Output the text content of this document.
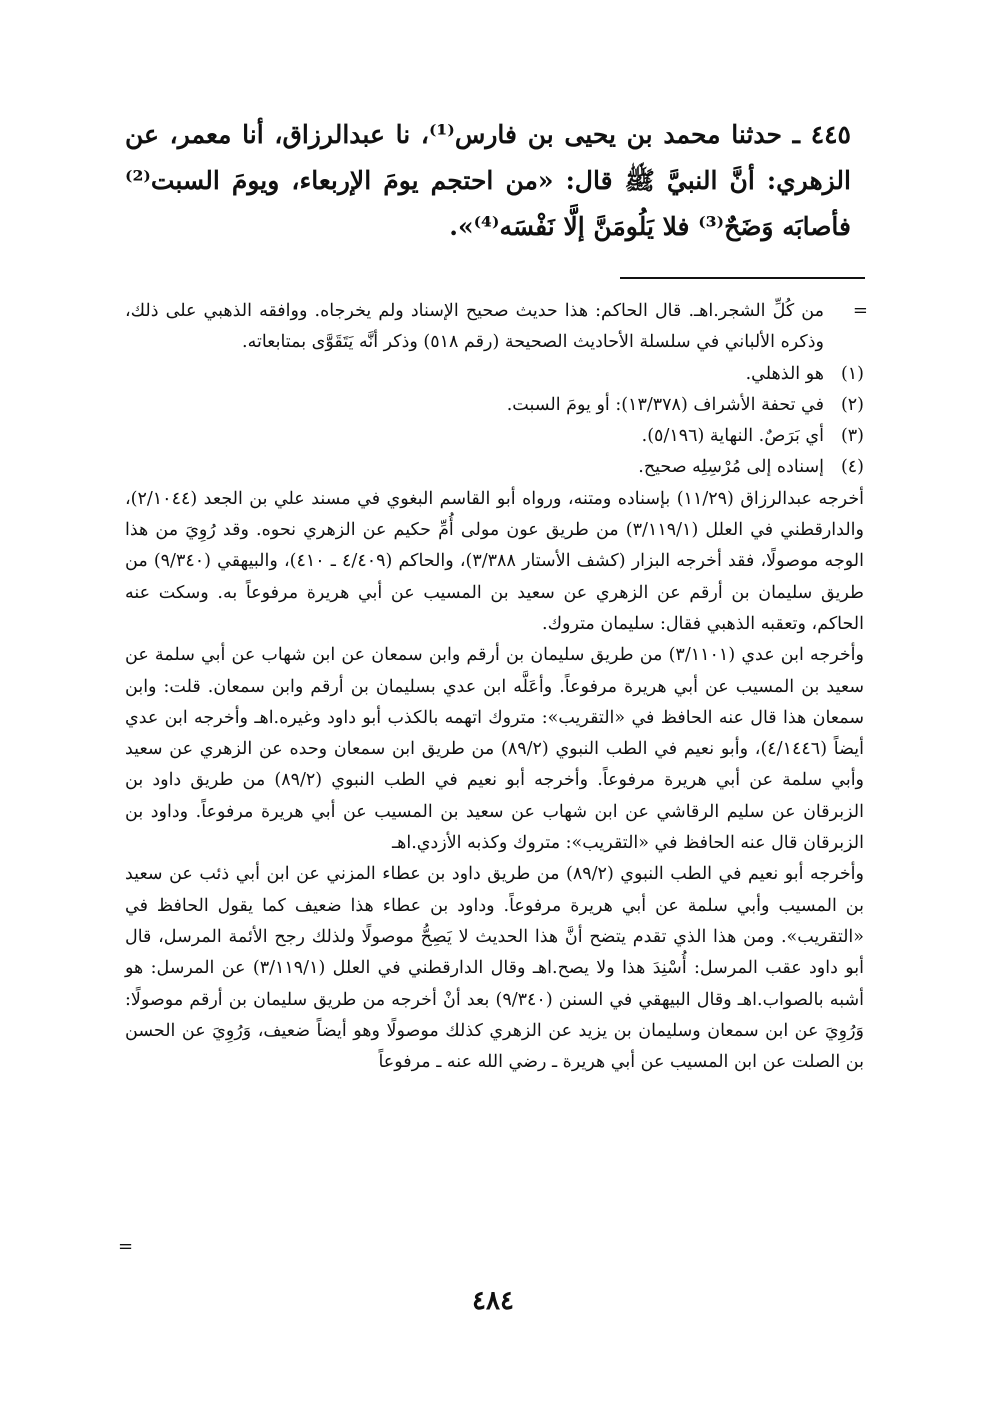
٤٤٥ ـ حدثنا محمد بن يحيى بن فارس⁽¹⁾، نا عبدالرزاق، أنا معمر، عن الزهري: أنَّ النبيَّ ﷺ قال: «من احتجم يومَ الإربعاء، ويومَ السبت⁽²⁾ فأصابَه وَضَحٌ⁽³⁾ فلا يَلُومَنَّ إلَّا نَفْسَه⁽⁴⁾».
=
من كُلِّ الشجر.اهـ. قال الحاكم: هذا حديث صحيح الإسناد ولم يخرجاه. ووافقه الذهبي على ذلك، وذكره الألباني في سلسلة الأحاديث الصحيحة (رقم ٥١٨) وذكر أنَّه يَتَقَوَّى بمتابعاته.
(١)
هو الذهلي.
(٢)
في تحفة الأشراف (١٣/٣٧٨): أو يومَ السبت.
(٣)
أي بَرَصٌ. النهاية (٥/١٩٦).
(٤)
إسناده إلى مُرْسِلِه صحيح.

أخرجه عبدالرزاق (١١/٢٩) بإسناده ومتنه، ورواه أبو القاسم البغوي في مسند علي بن الجعد (٢/١٠٤٤)، والدارقطني في العلل (٣/١١٩/١) من طريق عون مولى أُمِّ حكيم عن الزهري نحوه. وقد رُوِيَ من هذا الوجه موصولًا، فقد أخرجه البزار (كشف الأستار ٣/٣٨٨)، والحاكم (٤/٤٠٩ ـ ٤١٠)، والبيهقي (٩/٣٤٠) من طريق سليمان بن أرقم عن الزهري عن سعيد بن المسيب عن أبي هريرة مرفوعاً به. وسكت عنه الحاكم، وتعقبه الذهبي فقال: سليمان متروك.

وأخرجه ابن عدي (٣/١١٠١) من طريق سليمان بن أرقم وابن سمعان عن ابن شهاب عن أبي سلمة عن سعيد بن المسيب عن أبي هريرة مرفوعاً. وأعَلَّه ابن عدي بسليمان بن أرقم وابن سمعان. قلت: وابن سمعان هذا قال عنه الحافظ في «التقريب»: متروك اتهمه بالكذب أبو داود وغيره.اهـ وأخرجه ابن عدي أيضاً (٤/١٤٤٦)، وأبو نعيم في الطب النبوي (٨٩/٢) من طريق ابن سمعان وحده عن الزهري عن سعيد وأبي سلمة عن أبي هريرة مرفوعاً. وأخرجه أبو نعيم في الطب النبوي (٨٩/٢) من طريق داود بن الزبرقان عن سليم الرقاشي عن ابن شهاب عن سعيد بن المسيب عن أبي هريرة مرفوعاً. وداود بن الزبرقان قال عنه الحافظ في «التقريب»: متروك وكذبه الأزدي.اهـ

وأخرجه أبو نعيم في الطب النبوي (٨٩/٢) من طريق داود بن عطاء المزني عن ابن أبي ذئب عن سعيد بن المسيب وأبي سلمة عن أبي هريرة مرفوعاً. وداود بن عطاء هذا ضعيف كما يقول الحافظ في «التقريب». ومن هذا الذي تقدم يتضح أنَّ هذا الحديث لا يَصِحُّ موصولًا ولذلك رجح الأئمة المرسل، قال أبو داود عقب المرسل: أُسْنِدَ هذا ولا يصح.اهـ وقال الدارقطني في العلل (٣/١١٩/١) عن المرسل: هو أشبه بالصواب.اهـ وقال البيهقي في السنن (٩/٣٤٠) بعد أنْ أخرجه من طريق سليمان بن أرقم موصولًا: وَرُوِيَ عن ابن سمعان وسليمان بن يزيد عن الزهري كذلك موصولًا وهو أيضاً ضعيف، وَرُوِيَ عن الحسن بن الصلت عن ابن المسيب عن أبي هريرة ـ رضي الله عنه ـ مرفوعاً

=
٤٨٤
